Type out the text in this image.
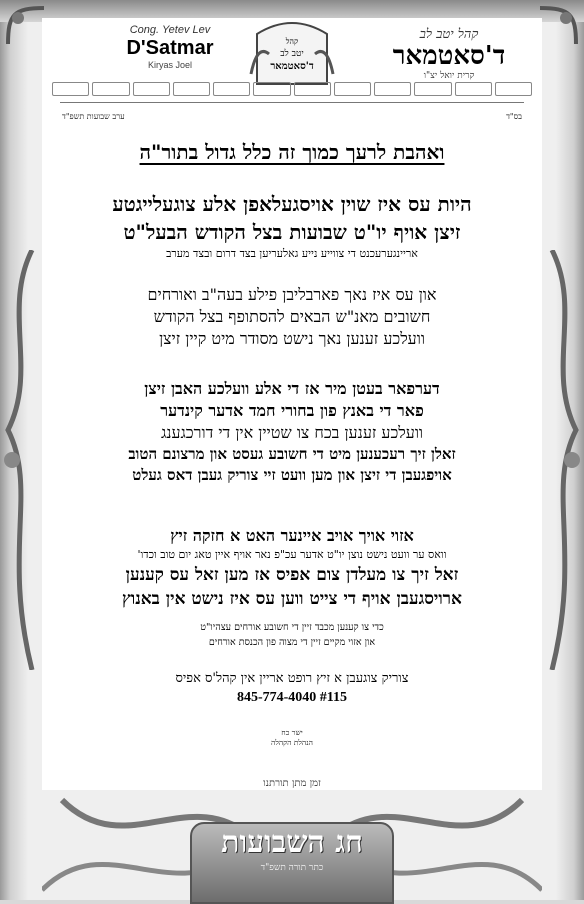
קהל יטב לב
ד'סאטמאר
קרית יואל יצ"ו
Cong. Yetev Lev
D'Satmar
Kiryas Joel
קהל
יטב לב
ד'סאטמאר

בס"ד
ערב שבועות תשפ"ד
ואהבת לרעך כמוך זה כלל גדול בתור"ה
היות עס איז שוין אויסגעלאפן אלע צוגעלייגטע
זיצן אויף יו"ט שבועות בצל הקודש הבעל"ט
אריינגערעכנט די צווייע נייע גאלעריען בצד דרום ובצד מערב
און עס איז נאך פארבליבן פילע בעה"ב ואורחים
חשובים מאנ"ש הבאים להסתופף בצל הקודש
וועלכע זענען נאך נישט מסודר מיט קיין זיצן
דערפאר בעטן מיר אז די אלע וועלכע האבן זיצן
פאר די באנץ פון בחורי חמד אדער קינדער
וועלכע זענען בכח צו שטיין אין די דורכגענג
זאלן זיך רעכענען מיט די חשובע געסט און מרצונם הטוב
אויפגעבן די זיצן און מען וועט זיי צוריק געבן דאס געלט
אזוי אויך אויב איינער האט א חזקה זיץ
וואס ער וועט נישט נוצן יו"ט אדער עכ"פ נאר אויף איין טאג יום טוב וכדו'
זאל זיך צו מעלדן צום אפיס אז מען זאל עס קענען
ארויסגעבן אויף די צייט ווען עס איז נישט אין באנוץ
כדי צו קענען מכבד זיין די חשובע אורחים עצהיו"ט
און אזוי מקיים זיין די מצוה פון הכנסת אורחים
צוריק צוגעבן א זיץ רופט אריין אין קהל'ס אפיס
845-774-4040 #115
ישר כח
הנהלת הקהלה
זמן מתן תורתנו
חג השבועות
כתר תורה תשפ"ד
